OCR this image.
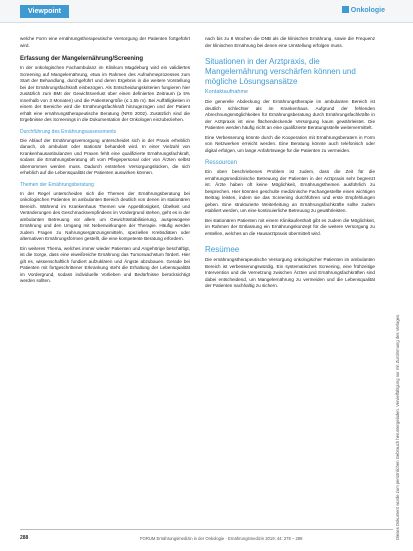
Viewpoint	Onkologie

welche Form eine ernährungstherapeutische Versorgung der Patienten fortgeführt wird.

Erfassung der Mangelernährung/Screening

In der onkologischen Fachambulanz im Klinikum Magdeburg wird ein validiertes Screening auf Mangelernährung, etwa im Rahmen des Aufnahmeprozesses zum Start der Behandlung, durchgeführt und deren Ergebnis in die weitere Vorstellung bei der Ernährungsfachkraft einbezogen. Als Entscheidungskriterien fungieren hier zusätzlich zum BMI der Gewichtsverlust über einen definierten Zeitraum (≥ 5% innerhalb von 3 Monaten) und die Patientengröße (≤ 1,55 m). Bei Auffälligkeiten in einem der Bereiche wird die Ernährungsfachkraft hinzugezogen und der Patient erhält eine ernährungstherapeutische Beratung (NRS 2002). Zusätzlich sind die Ergebnisse des Screenings in die Dokumentation der Onkologen einzubeziehen.

Durchführung des Ernährungsassessments

Die Ablauf der Ernährungsversorgung unterscheidet sich in der Praxis erheblich danach, ob ambulant oder stationär behandelt wird. In einer Vielzahl von Krankenhausambulanzen und Praxen fehlt eine qualifizierte Ernährungsfachkraft, sodass die Ernährungsberatung oft vom Pflegepersonal oder von Ärzten selbst übernommen werden muss. Dadurch entstehen Versorgungslücken, die sich erheblich auf die Lebensqualität der Patienten auswirken können.

Themen der Ernährungsberatung

In der Regel unterscheiden sich die Themen der Ernährungsberatung bei onkologischen Patienten im ambulanten Bereich deutlich von denen im stationären Bereich. Während im Krankenhaus Themen wie Appetitlosigkeit, Übelkeit und Veränderungen des Geschmacksempfindens im Vordergrund stehen, geht es in der ambulanten Betreuung vor allem um Gewichtsstabilisierung, ausgewogene Ernährung und den Umgang mit Nebenwirkungen der Therapie. Häufig werden zudem Fragen zu Nahrungsergänzungsmitteln, speziellen Krebsdiäten oder alternativen Ernährungsformen gestellt, die eine kompetente Beratung erfordern.

Ein weiteres Thema, welches immer wieder Patienten und Angehörige beschäftigt, ist die Sorge, dass eine eiweißreiche Ernährung das Tumorwachstum fördert. Hier gilt es, wissenschaftlich fundiert aufzuklären und Ängste abzubauen. Gerade bei Patienten mit fortgeschrittener Erkrankung steht die Erhaltung der Lebensqualität im Vordergrund, sodass individuelle Vorlieben und Bedürfnisse berücksichtigt werden sollten.

nach bis zu 8 Wochen die DNB als die klinischen Ernährung, sowie die Frequenz der klinischen Ernährung bei denen eine Umstellung erfolgen muss.

Situationen in der Arztpraxis, die Mangelernährung verschärfen können und mögliche Lösungsansätze
Kontaktaufnahme

Die generelle Abdeckung der Ernährungstherapie im ambulanten Bereich ist deutlich schlechter als im Krankenhaus. Aufgrund der fehlenden Abrechnungsmöglichkeiten für Ernährungsberatung durch Ernährungsfachkräfte in der Arztpraxis ist eine flächendeckende Versorgung kaum gewährleistet. Die Patienten werden häufig nicht an eine qualifizierte Beratungsstelle weitervermittelt.

Eine Verbesserung könnte durch die Kooperation mit Ernährungsberatern in Form von Netzwerken erreicht werden. Eine Beratung könnte auch telefonisch oder digital erfolgen, um lange Anfahrtswege für die Patienten zu vermeiden.

Ressourcen

Ein oben beschriebenes Problem ist zudem, dass die Zeit für die ernährungsmedizinische Betreuung der Patienten in der Arztpraxis sehr begrenzt ist. Ärzte haben oft keine Möglichkeit, Ernährungsthemen ausführlich zu besprechen. Hier könnten geschulte medizinische Fachangestellte einen wichtigen Beitrag leisten, indem sie das Screening durchführen und erste Empfehlungen geben. Eine strukturierte Weiterleitung an Ernährungsfachkräfte sollte zudem etabliert werden, um eine kontinuierliche Betreuung zu gewährleisten.

Bei stationären Patienten mit einem Klinikaufenthalt gibt es zudem die Möglichkeit, im Rahmen der Entlassung ein Ernährungskonzept für die weitere Versorgung zu erstellen, welches an die Hausarztpraxis übermittelt wird.

Resümee

Die ernährungstherapeutische Versorgung onkologischer Patienten im ambulanten Bereich ist verbesserungswürdig. Ein systematisches Screening, eine frühzeitige Intervention und die Vernetzung zwischen Ärzten und Ernährungsfachkräften sind dabei entscheidend, um Mangelernährung zu vermeiden und die Lebensqualität der Patienten nachhaltig zu sichern.

Dieses Dokument wurde zum persönlichen Gebrauch heruntergeladen. Vervielfältigung nur mit Zustimmung des Verlages.
288	FORUM Ernährungsmedizin in der Onkologie · Ernährungsmedizin 2019; 44: 278 – 288
